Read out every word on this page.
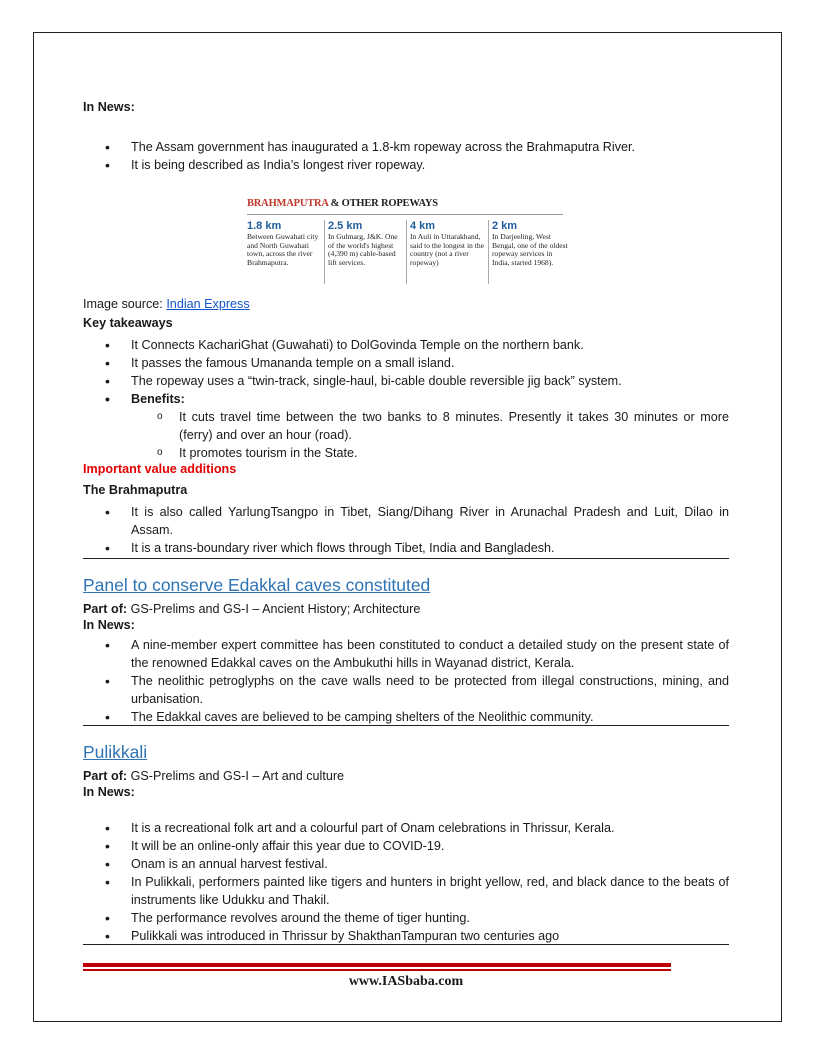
In News:
• The Assam government has inaugurated a 1.8-km ropeway across the Brahmaputra River.
• It is being described as India’s longest river ropeway.
BRAHMAPUTRA & OTHER ROPEWAYS
1.8 km
Between Guwahati city and North Guwahati town, across the river Brahmaputra.
2.5 km
In Gulmarg, J&K. One of the world's highest (4,390 m) cable-based lift services.
4 km
In Auli in Uttarakhand, said to the longest in the country (not a river ropeway)
2 km
In Darjeeling, West Bengal, one of the oldest ropeway services in India, started 1968).
Image source: Indian Express
Key takeaways
• It Connects KachariGhat (Guwahati) to DolGovinda Temple on the northern bank.
• It passes the famous Umananda temple on a small island.
• The ropeway uses a “twin-track, single-haul, bi-cable double reversible jig back” system.
• Benefits:
o It cuts travel time between the two banks to 8 minutes. Presently it takes 30 minutes or more (ferry) and over an hour (road).
o It promotes tourism in the State.
Important value additions
The Brahmaputra
• It is also called YarlungTsangpo in Tibet, Siang/Dihang River in Arunachal Pradesh and Luit, Dilao in Assam.
• It is a trans-boundary river which flows through Tibet, India and Bangladesh.
Panel to conserve Edakkal caves constituted
Part of: GS-Prelims and GS-I – Ancient History; Architecture
In News:
• A nine-member expert committee has been constituted to conduct a detailed study on the present state of the renowned Edakkal caves on the Ambukuthi hills in Wayanad district, Kerala.
• The neolithic petroglyphs on the cave walls need to be protected from illegal constructions, mining, and urbanisation.
• The Edakkal caves are believed to be camping shelters of the Neolithic community.
Pulikkali
Part of: GS-Prelims and GS-I – Art and culture
In News:
• It is a recreational folk art and a colourful part of Onam celebrations in Thrissur, Kerala.
• It will be an online-only affair this year due to COVID-19.
• Onam is an annual harvest festival.
• In Pulikkali, performers painted like tigers and hunters in bright yellow, red, and black dance to the beats of instruments like Udukku and Thakil.
• The performance revolves around the theme of tiger hunting.
• Pulikkali was introduced in Thrissur by ShakthanTampuran two centuries ago
www.IASbaba.com
